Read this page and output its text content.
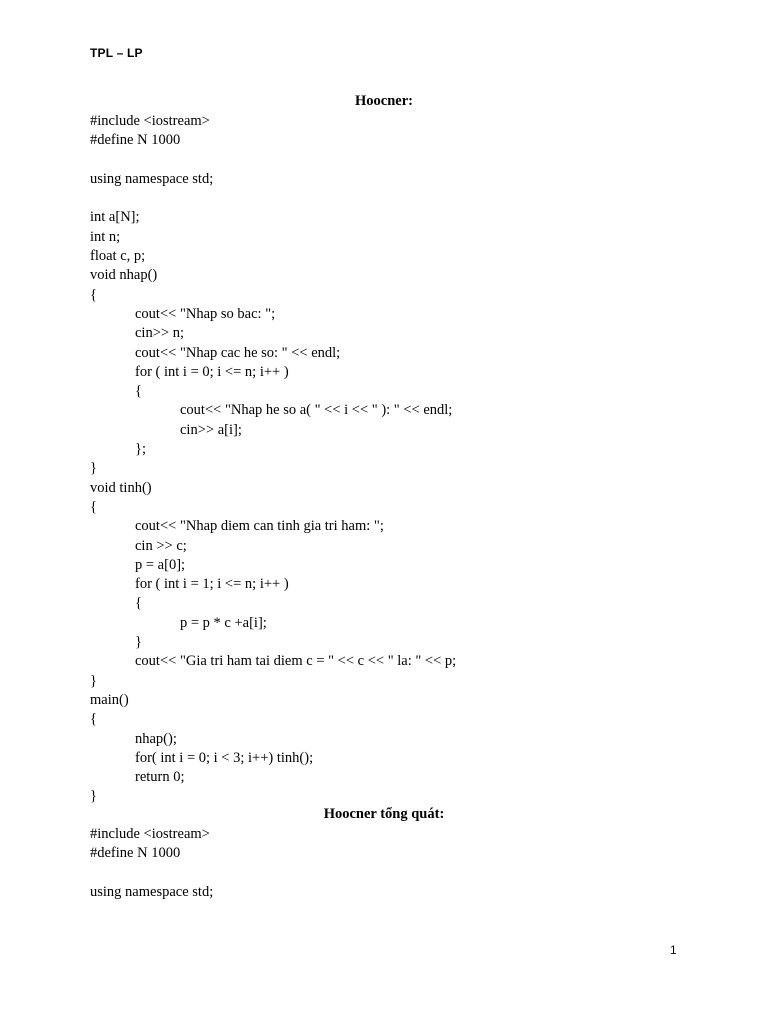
TPL – LP
Hoocner:
#include <iostream>
#define N 1000
using namespace std;
int a[N];
int n;
float c, p;
void nhap()
{
cout<< "Nhap so bac: ";
cin>> n;
cout<< "Nhap cac he so: " << endl;
for ( int i = 0; i <= n; i++ )
{
cout<< "Nhap he so a( " << i << " ): " << endl;
cin>> a[i];
};
}
void tinh()
{
cout<< "Nhap diem can tinh gia tri ham: ";
cin >> c;
p = a[0];
for ( int i = 1; i <= n; i++ )
{
p = p * c +a[i];
}
cout<< "Gia tri ham tai diem c = " << c << " la: " << p;
}
main()
{
nhap();
for( int i = 0; i < 3; i++) tinh();
return 0;
}
Hoocner tổng quát:
#include <iostream>
#define N 1000
using namespace std;
1
